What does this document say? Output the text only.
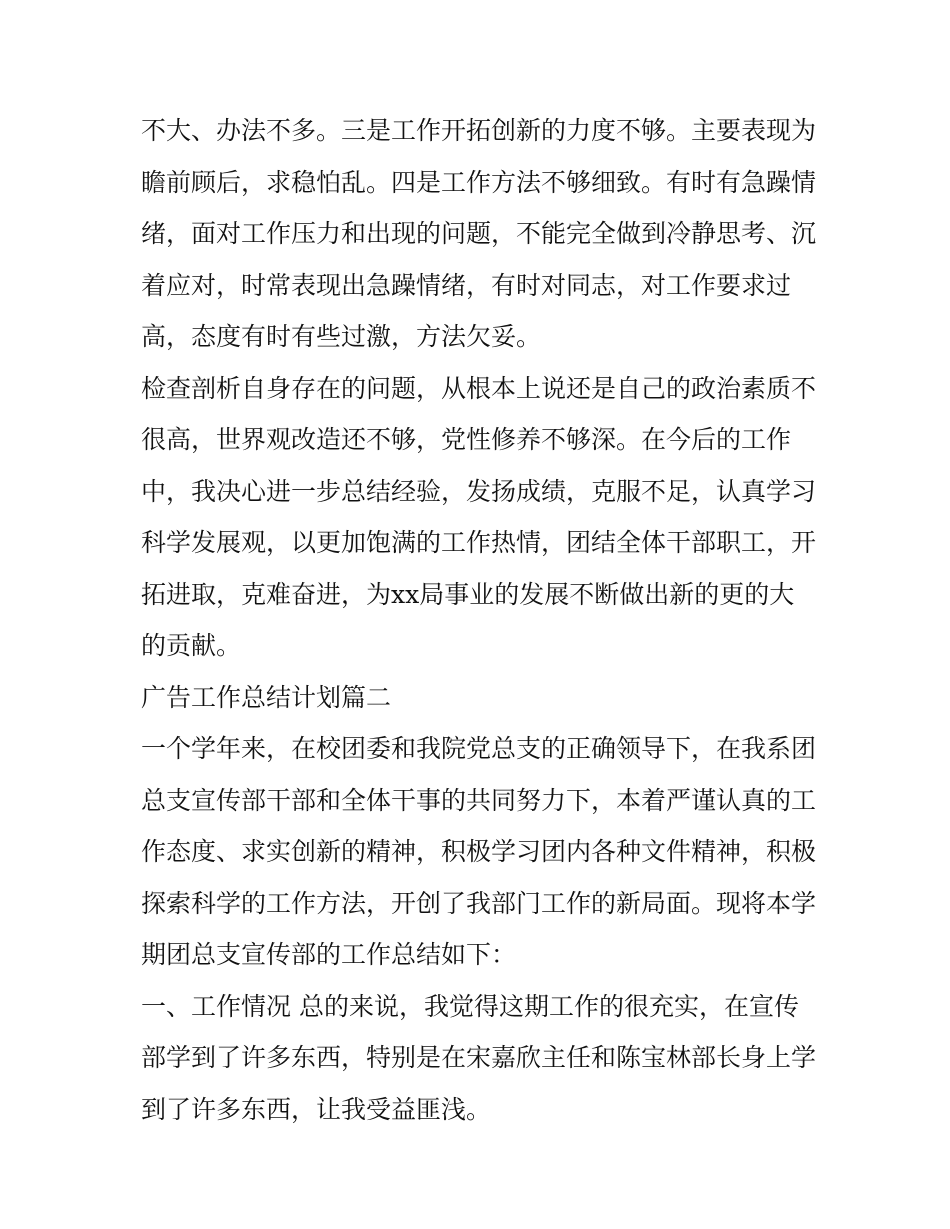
不大、办法不多。三是工作开拓创新的力度不够。主要表现为
瞻前顾后，求稳怕乱。四是工作方法不够细致。有时有急躁情
绪，面对工作压力和出现的问题，不能完全做到冷静思考、沉
着应对，时常表现出急躁情绪，有时对同志，对工作要求过
高，态度有时有些过激，方法欠妥。
检查剖析自身存在的问题，从根本上说还是自己的政治素质不
很高，世界观改造还不够，党性修养不够深。在今后的工作
中，我决心进一步总结经验，发扬成绩，克服不足，认真学习
科学发展观，以更加饱满的工作热情，团结全体干部职工，开
拓进取，克难奋进，为xx局事业的发展不断做出新的更的大
的贡献。
广告工作总结计划篇二
一个学年来，在校团委和我院党总支的正确领导下，在我系团
总支宣传部干部和全体干事的共同努力下，本着严谨认真的工
作态度、求实创新的精神，积极学习团内各种文件精神，积极
探索科学的工作方法，开创了我部门工作的新局面。现将本学
期团总支宣传部的工作总结如下：
一、工作情况 总的来说，我觉得这期工作的很充实，在宣传
部学到了许多东西，特别是在宋嘉欣主任和陈宝林部长身上学
到了许多东西，让我受益匪浅。
